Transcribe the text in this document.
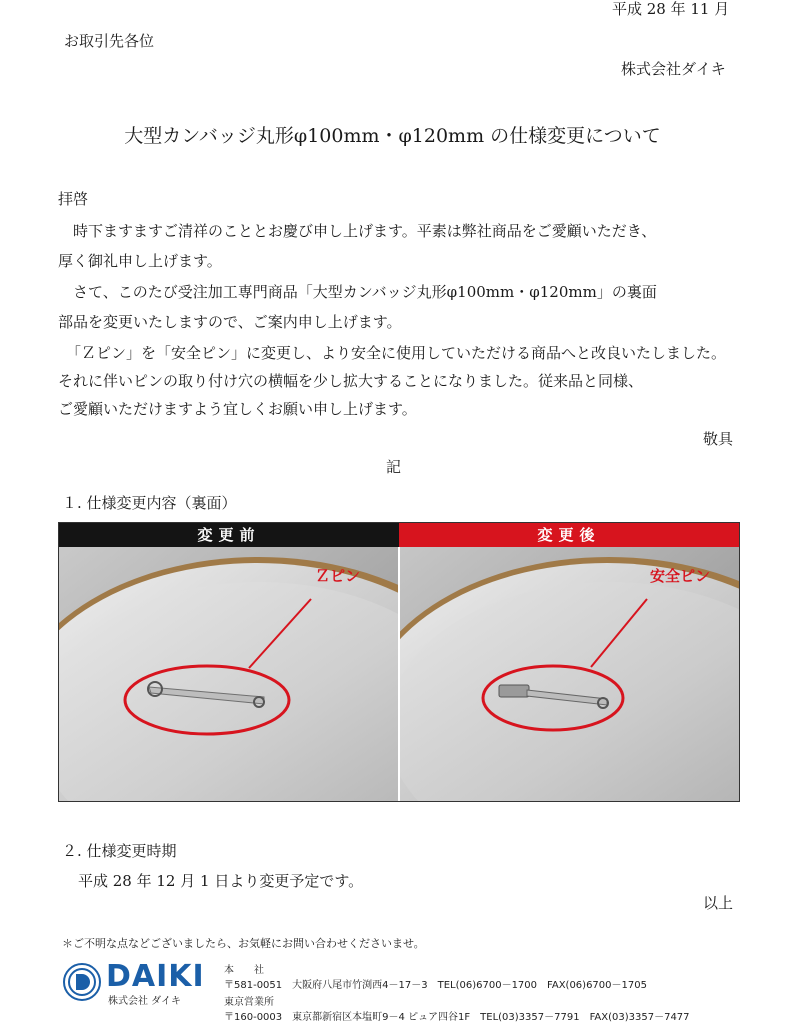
平成 28 年 11 月
お取引先各位
株式会社ダイキ
大型カンバッジ丸形φ100mm・φ120mm の仕様変更について
拝啓
　時下ますますご清祥のこととお慶び申し上げます。平素は弊社商品をご愛顧いただき、
厚く御礼申し上げます。
　さて、このたび受注加工専門商品「大型カンバッジ丸形φ100mm・φ120mm」の裏面
部品を変更いたしますので、ご案内申し上げます。
「Ｚピン」を「安全ピン」に変更し、より安全に使用していただける商品へと改良いたしました。
それに伴いピンの取り付け穴の横幅を少し拡大することになりました。従来品と同様、
ご愛顧いただけますよう宜しくお願い申し上げます。
敬具
記
１. 仕様変更内容（裏面）
変更前	変更後
Ｚピン	安全ピン
２. 仕様変更時期
平成 28 年 12 月 1 日より変更予定です。
以上
＊ご不明な点などございましたら、お気軽にお問い合わせくださいませ。
DAIKI
株式会社 ダイキ
本　　社
〒581-0051　大阪府八尾市竹渕西4－17－3　TEL(06)6700－1700　FAX(06)6700－1705
東京営業所
〒160-0003　東京都新宿区本塩町9－4 ピュア四谷1F　TEL(03)3357－7791　FAX(03)3357－7477
